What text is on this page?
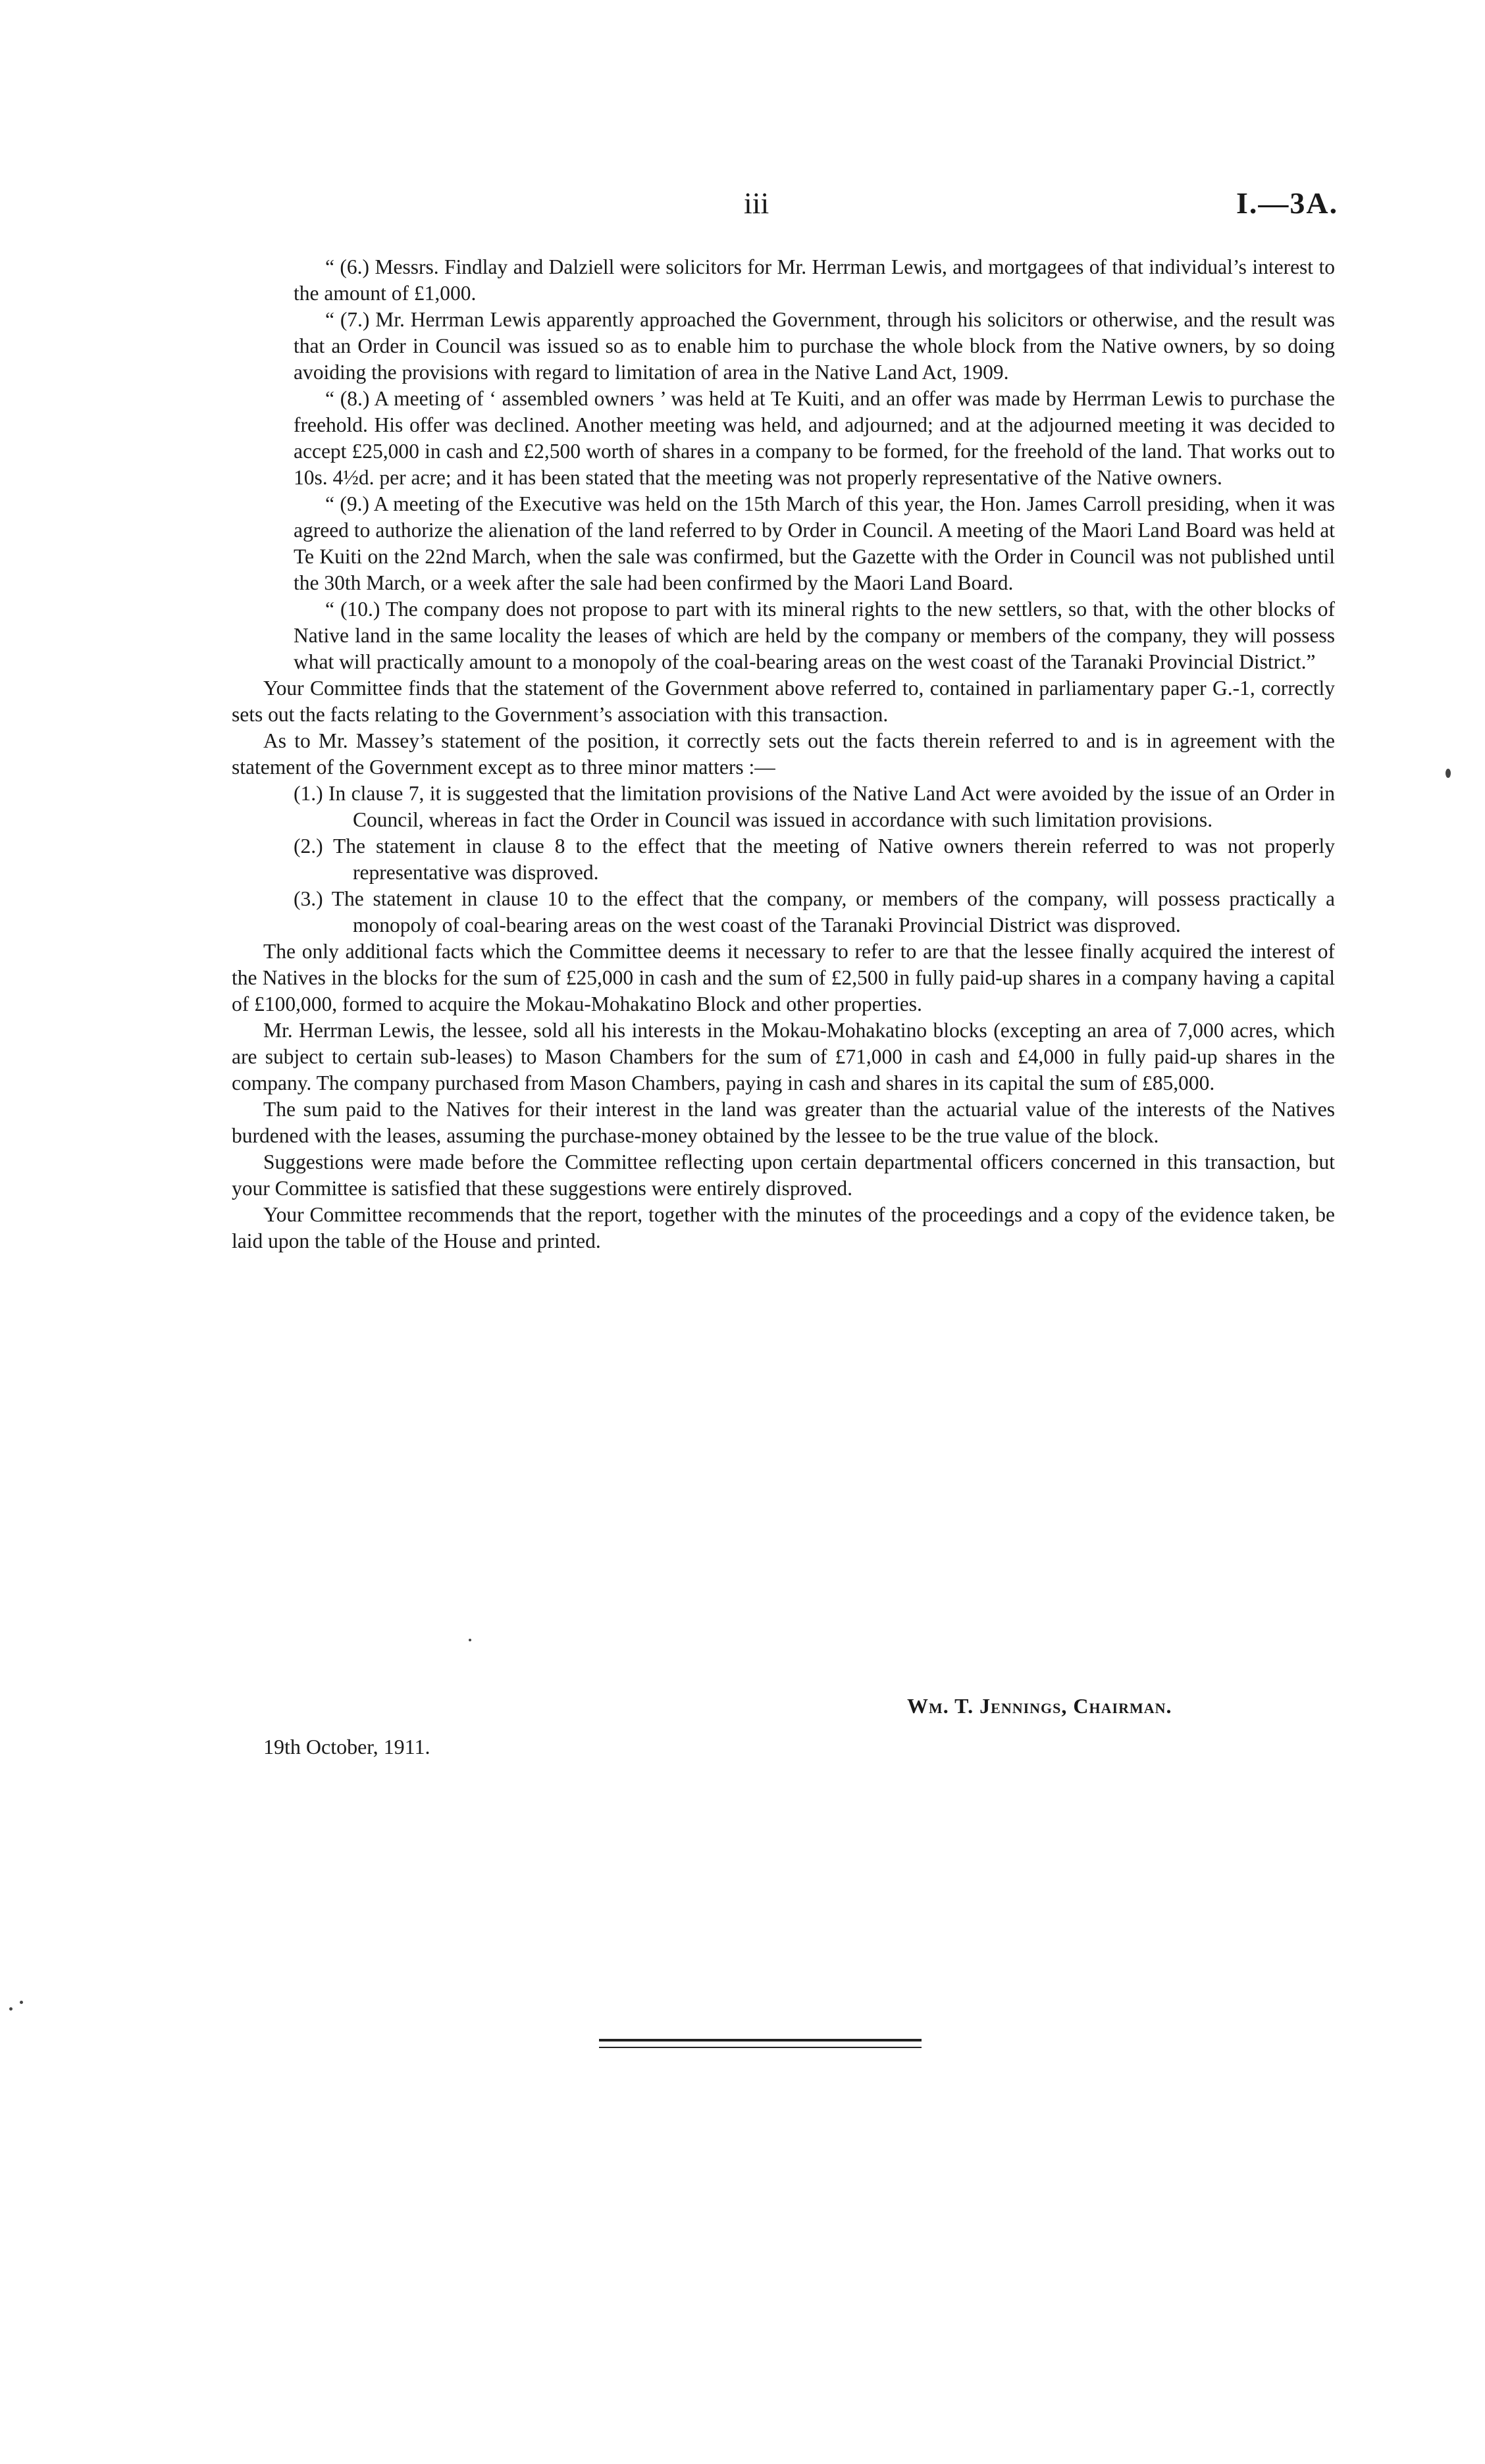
iii	I.—3A.

“ (6.) Messrs. Findlay and Dalziell were solicitors for Mr. Herrman Lewis, and mortgagees of that individual’s interest to the amount of £1,000.

“ (7.) Mr. Herrman Lewis apparently approached the Government, through his solicitors or otherwise, and the result was that an Order in Council was issued so as to enable him to purchase the whole block from the Native owners, by so doing avoiding the provisions with regard to limitation of area in the Native Land Act, 1909.

“ (8.) A meeting of ‘ assembled owners ’ was held at Te Kuiti, and an offer was made by Herrman Lewis to purchase the freehold. His offer was declined. Another meeting was held, and adjourned; and at the adjourned meeting it was decided to accept £25,000 in cash and £2,500 worth of shares in a company to be formed, for the freehold of the land. That works out to 10s. 4½d. per acre; and it has been stated that the meeting was not properly representative of the Native owners.

“ (9.) A meeting of the Executive was held on the 15th March of this year, the Hon. James Carroll presiding, when it was agreed to authorize the alienation of the land referred to by Order in Council. A meeting of the Maori Land Board was held at Te Kuiti on the 22nd March, when the sale was confirmed, but the Gazette with the Order in Council was not published until the 30th March, or a week after the sale had been confirmed by the Maori Land Board.

“ (10.) The company does not propose to part with its mineral rights to the new settlers, so that, with the other blocks of Native land in the same locality the leases of which are held by the company or members of the company, they will possess what will practically amount to a monopoly of the coal-bearing areas on the west coast of the Taranaki Provincial District.”

Your Committee finds that the statement of the Government above referred to, contained in parliamentary paper G.-1, correctly sets out the facts relating to the Government’s association with this transaction.

As to Mr. Massey’s statement of the position, it correctly sets out the facts therein referred to and is in agreement with the statement of the Government except as to three minor matters :—

(1.) In clause 7, it is suggested that the limitation provisions of the Native Land Act were avoided by the issue of an Order in Council, whereas in fact the Order in Council was issued in accordance with such limitation provisions.

(2.) The statement in clause 8 to the effect that the meeting of Native owners therein referred to was not properly representative was disproved.

(3.) The statement in clause 10 to the effect that the company, or members of the company, will possess practically a monopoly of coal-bearing areas on the west coast of the Taranaki Provincial District was disproved.

The only additional facts which the Committee deems it necessary to refer to are that the lessee finally acquired the interest of the Natives in the blocks for the sum of £25,000 in cash and the sum of £2,500 in fully paid-up shares in a company having a capital of £100,000, formed to acquire the Mokau-Mohakatino Block and other properties.

Mr. Herrman Lewis, the lessee, sold all his interests in the Mokau-Mohakatino blocks (excepting an area of 7,000 acres, which are subject to certain sub-leases) to Mason Chambers for the sum of £71,000 in cash and £4,000 in fully paid-up shares in the company. The company purchased from Mason Chambers, paying in cash and shares in its capital the sum of £85,000.

The sum paid to the Natives for their interest in the land was greater than the actuarial value of the interests of the Natives burdened with the leases, assuming the purchase-money obtained by the lessee to be the true value of the block.

Suggestions were made before the Committee reflecting upon certain departmental officers concerned in this transaction, but your Committee is satisfied that these suggestions were entirely disproved.

Your Committee recommends that the report, together with the minutes of the proceedings and a copy of the evidence taken, be laid upon the table of the House and printed.

Wm. T. Jennings, Chairman.
19th October, 1911.
